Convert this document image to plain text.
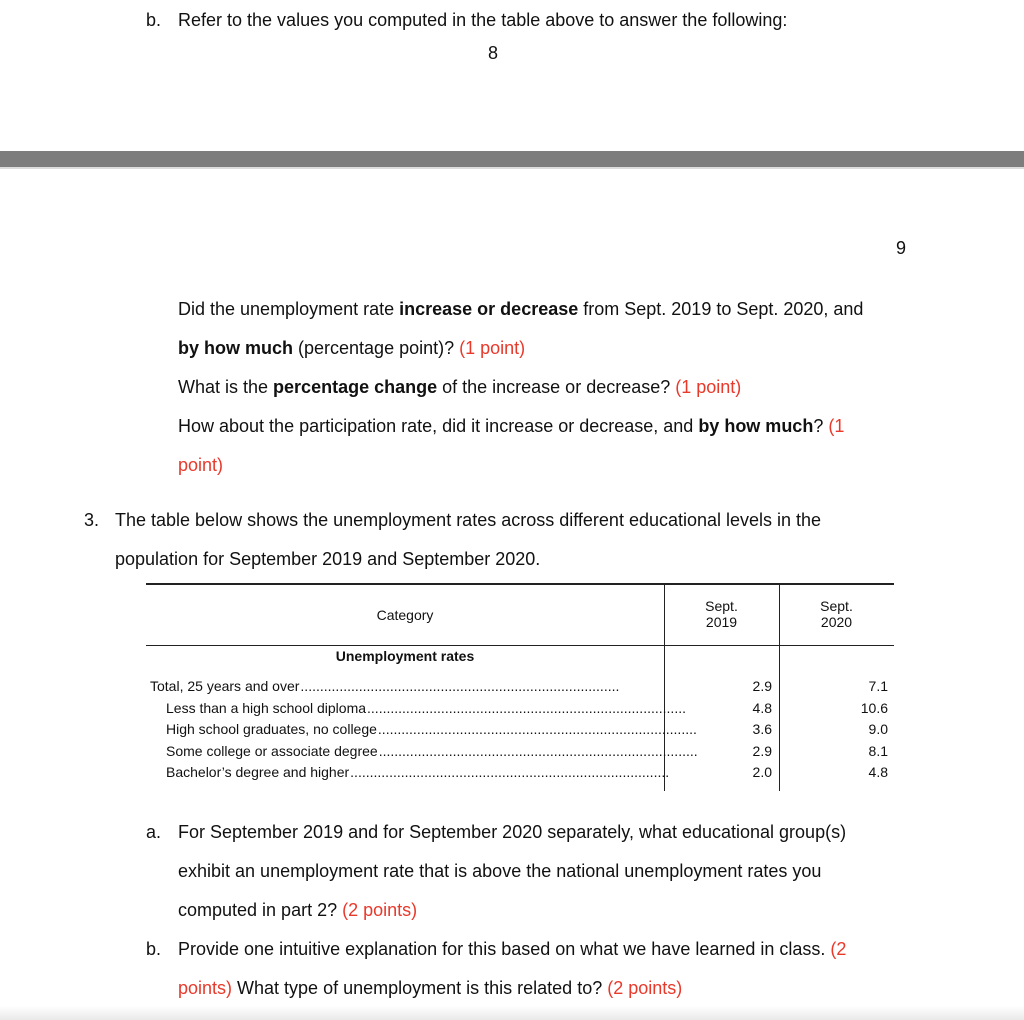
b. Refer to the values you computed in the table above to answer the following:
8
9
Did the unemployment rate increase or decrease from Sept. 2019 to Sept. 2020, and
by how much (percentage point)? (1 point)
What is the percentage change of the increase or decrease? (1 point)
How about the participation rate, did it increase or decrease, and by how much? (1
point)
3. The table below shows the unemployment rates across different educational levels in the
population for September 2019 and September 2020.
Category
Sept.
2019
Sept.
2020
Unemployment rates
Total, 25 years and over..................................................................................
Less than a high school diploma..................................................................................
High school graduates, no college..................................................................................
Some college or associate degree..................................................................................
Bachelor’s degree and higher..................................................................................
2.9
4.8
3.6
2.9
2.0
7.1
10.6
9.0
8.1
4.8
a. For September 2019 and for September 2020 separately, what educational group(s)
exhibit an unemployment rate that is above the national unemployment rates you
computed in part 2? (2 points)
b. Provide one intuitive explanation for this based on what we have learned in class. (2
points) What type of unemployment is this related to? (2 points)
